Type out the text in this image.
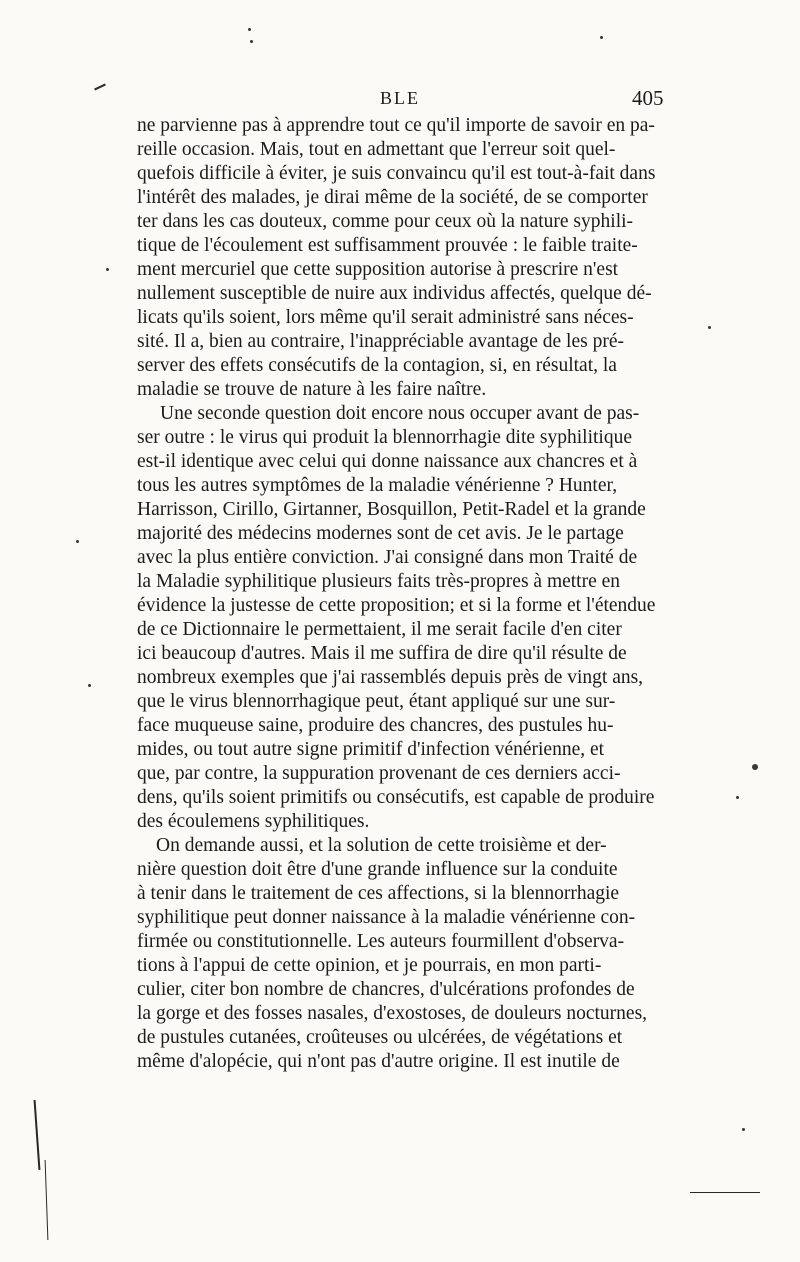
BLE	405
ne parvienne pas à apprendre tout ce qu'il importe de savoir en pa-
reille occasion. Mais, tout en admettant que l'erreur soit quel-
quefois difficile à éviter, je suis convaincu qu'il est tout-à-fait dans
l'intérêt des malades, je dirai même de la société, de se comporter
ter dans les cas douteux, comme pour ceux où la nature syphili-
tique de l'écoulement est suffisamment prouvée : le faible traite-
ment mercuriel que cette supposition autorise à prescrire n'est
nullement susceptible de nuire aux individus affectés, quelque dé-
licats qu'ils soient, lors même qu'il serait administré sans néces-
sité. Il a, bien au contraire, l'inappréciable avantage de les pré-
server des effets consécutifs de la contagion, si, en résultat, la
maladie se trouve de nature à les faire naître.
Une seconde question doit encore nous occuper avant de pas-
ser outre : le virus qui produit la blennorrhagie dite syphilitique
est-il identique avec celui qui donne naissance aux chancres et à
tous les autres symptômes de la maladie vénérienne ? Hunter,
Harrisson, Cirillo, Girtanner, Bosquillon, Petit-Radel et la grande
majorité des médecins modernes sont de cet avis. Je le partage
avec la plus entière conviction. J'ai consigné dans mon Traité de
la Maladie syphilitique plusieurs faits très-propres à mettre en
évidence la justesse de cette proposition; et si la forme et l'étendue
de ce Dictionnaire le permettaient, il me serait facile d'en citer
ici beaucoup d'autres. Mais il me suffira de dire qu'il résulte de
nombreux exemples que j'ai rassemblés depuis près de vingt ans,
que le virus blennorrhagique peut, étant appliqué sur une sur-
face muqueuse saine, produire des chancres, des pustules hu-
mides, ou tout autre signe primitif d'infection vénérienne, et
que, par contre, la suppuration provenant de ces derniers acci-
dens, qu'ils soient primitifs ou consécutifs, est capable de produire
des écoulemens syphilitiques.
On demande aussi, et la solution de cette troisième et der-
nière question doit être d'une grande influence sur la conduite
à tenir dans le traitement de ces affections, si la blennorrhagie
syphilitique peut donner naissance à la maladie vénérienne con-
firmée ou constitutionnelle. Les auteurs fourmillent d'observa-
tions à l'appui de cette opinion, et je pourrais, en mon parti-
culier, citer bon nombre de chancres, d'ulcérations profondes de
la gorge et des fosses nasales, d'exostoses, de douleurs nocturnes,
de pustules cutanées, croûteuses ou ulcérées, de végétations et
même d'alopécie, qui n'ont pas d'autre origine. Il est inutile de
